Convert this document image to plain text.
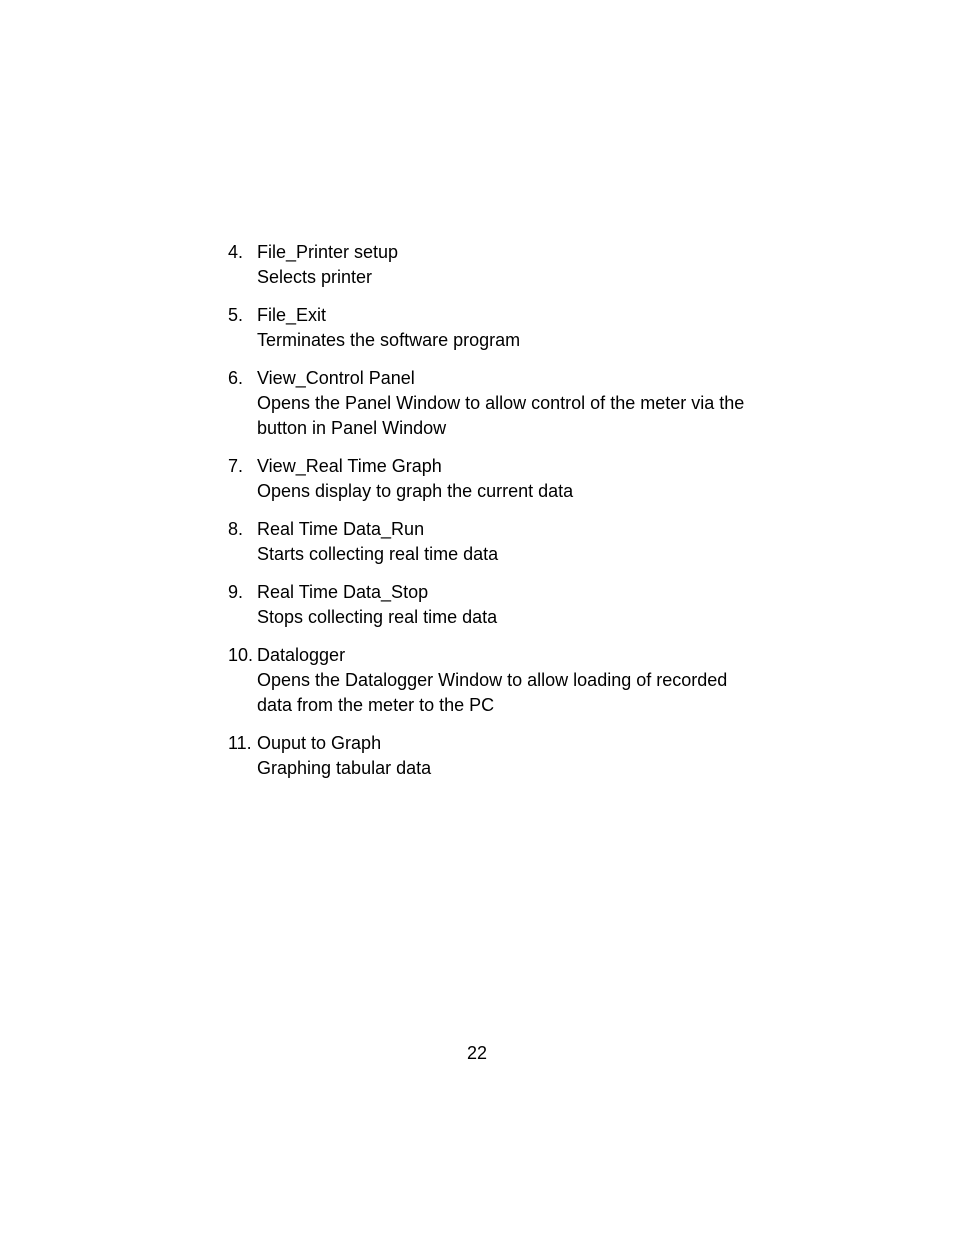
4. File_Printer setup
Selects printer
5. File_Exit
Terminates the software program
6. View_Control Panel
Opens the Panel Window to allow control of the meter via the button in Panel Window
7. View_Real Time Graph
Opens display to graph the current data
8. Real Time Data_Run
Starts collecting real time data
9. Real Time Data_Stop
Stops collecting real time data
10. Datalogger
Opens the Datalogger Window to allow loading of recorded data from the meter to the PC
11. Ouput to Graph
Graphing tabular data
22
